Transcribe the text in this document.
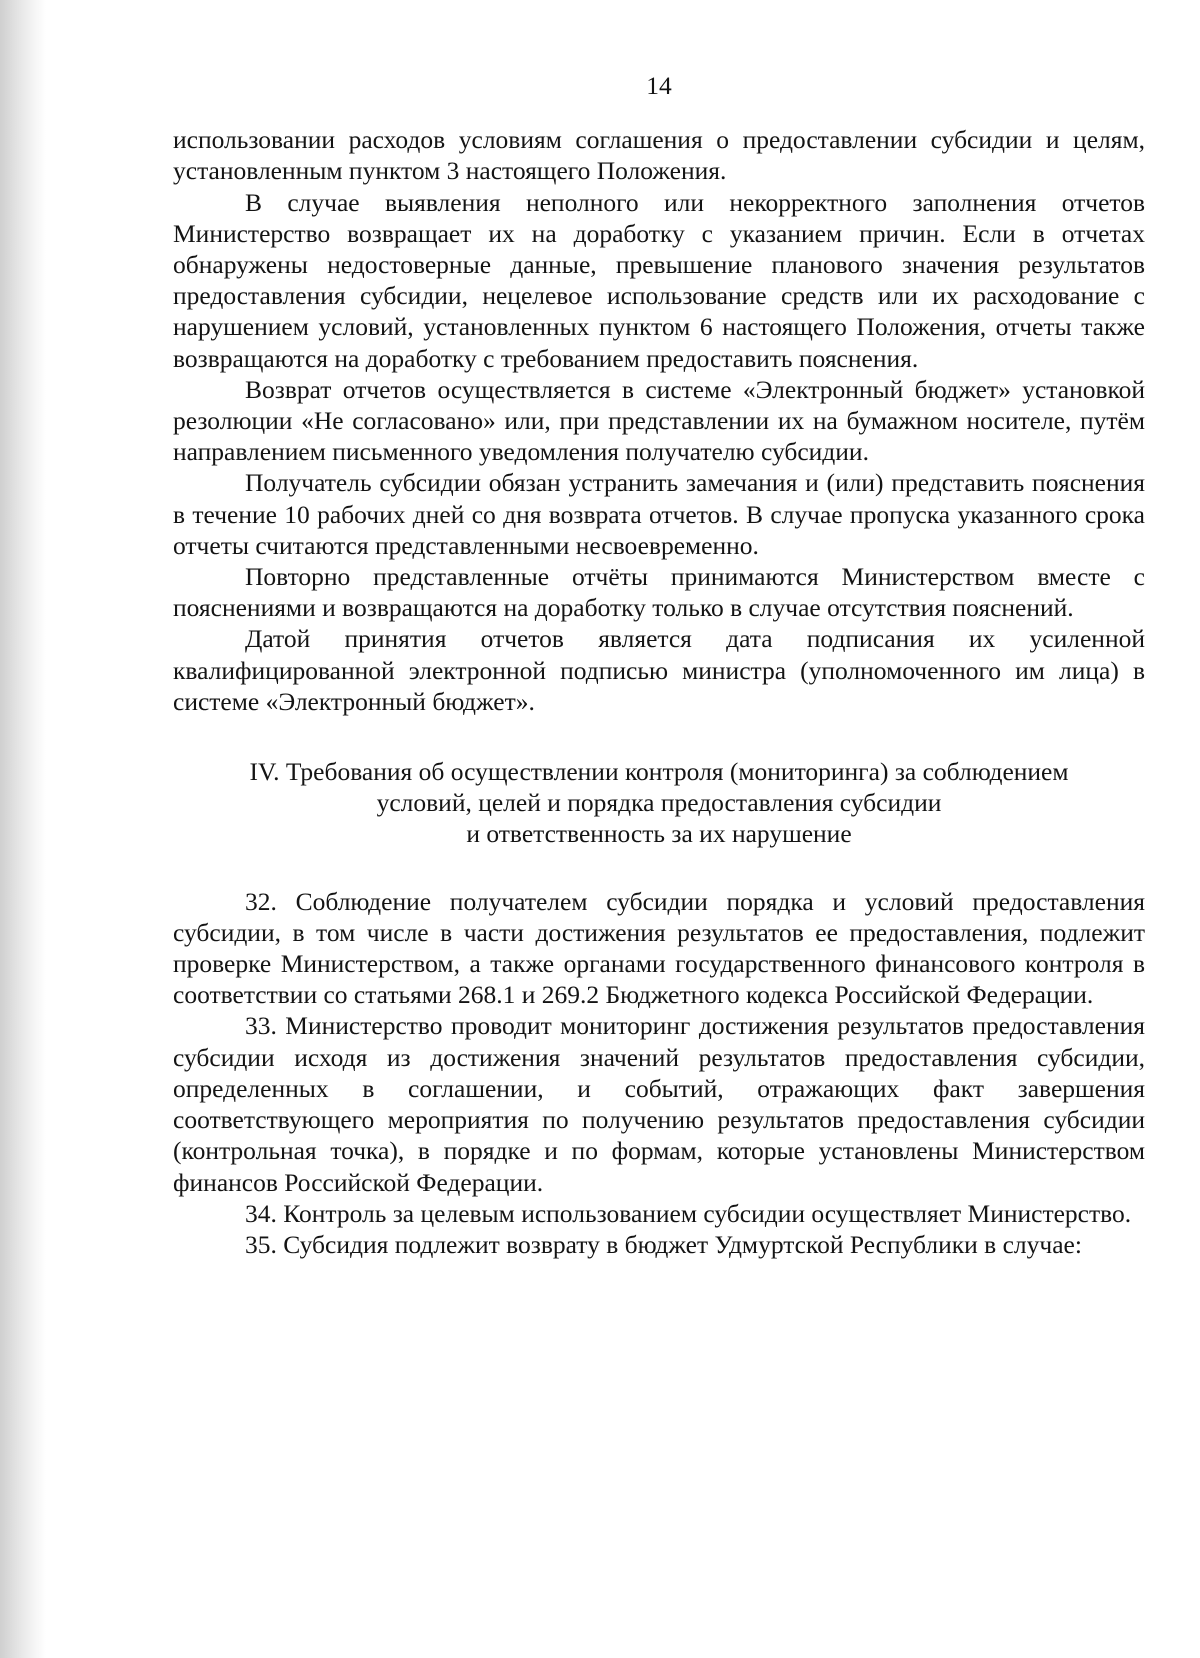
14

использовании расходов условиям соглашения о предоставлении субсидии и целям, установленным пунктом 3 настоящего Положения.

В случае выявления неполного или некорректного заполнения отчетов Министерство возвращает их на доработку с указанием причин. Если в отчетах обнаружены недостоверные данные, превышение планового значения результатов предоставления субсидии, нецелевое использование средств или их расходование с нарушением условий, установленных пунктом 6 настоящего Положения, отчеты также возвращаются на доработку с требованием предоставить пояснения.

Возврат отчетов осуществляется в системе «Электронный бюджет» установкой резолюции «Не согласовано» или, при представлении их на бумажном носителе, путём направлением письменного уведомления получателю субсидии.

Получатель субсидии обязан устранить замечания и (или) представить пояснения в течение 10 рабочих дней со дня возврата отчетов. В случае пропуска указанного срока отчеты считаются представленными несвоевременно.

Повторно представленные отчёты принимаются Министерством вместе с пояснениями и возвращаются на доработку только в случае отсутствия пояснений.

Датой принятия отчетов является дата подписания их усиленной квалифицированной электронной подписью министра (уполномоченного им лица) в системе «Электронный бюджет».

IV. Требования об осуществлении контроля (мониторинга) за соблюдением
условий, целей и порядка предоставления субсидии
и ответственность за их нарушение

32. Соблюдение получателем субсидии порядка и условий предоставления субсидии, в том числе в части достижения результатов ее предоставления, подлежит проверке Министерством, а также органами государственного финансового контроля в соответствии со статьями 268.1 и 269.2 Бюджетного кодекса Российской Федерации.

33. Министерство проводит мониторинг достижения результатов предоставления субсидии исходя из достижения значений результатов предоставления субсидии, определенных в соглашении, и событий, отражающих факт завершения соответствующего мероприятия по получению результатов предоставления субсидии (контрольная точка), в порядке и по формам, которые установлены Министерством финансов Российской Федерации.

34. Контроль за целевым использованием субсидии осуществляет Министерство.

35. Субсидия подлежит возврату в бюджет Удмуртской Республики в случае:
